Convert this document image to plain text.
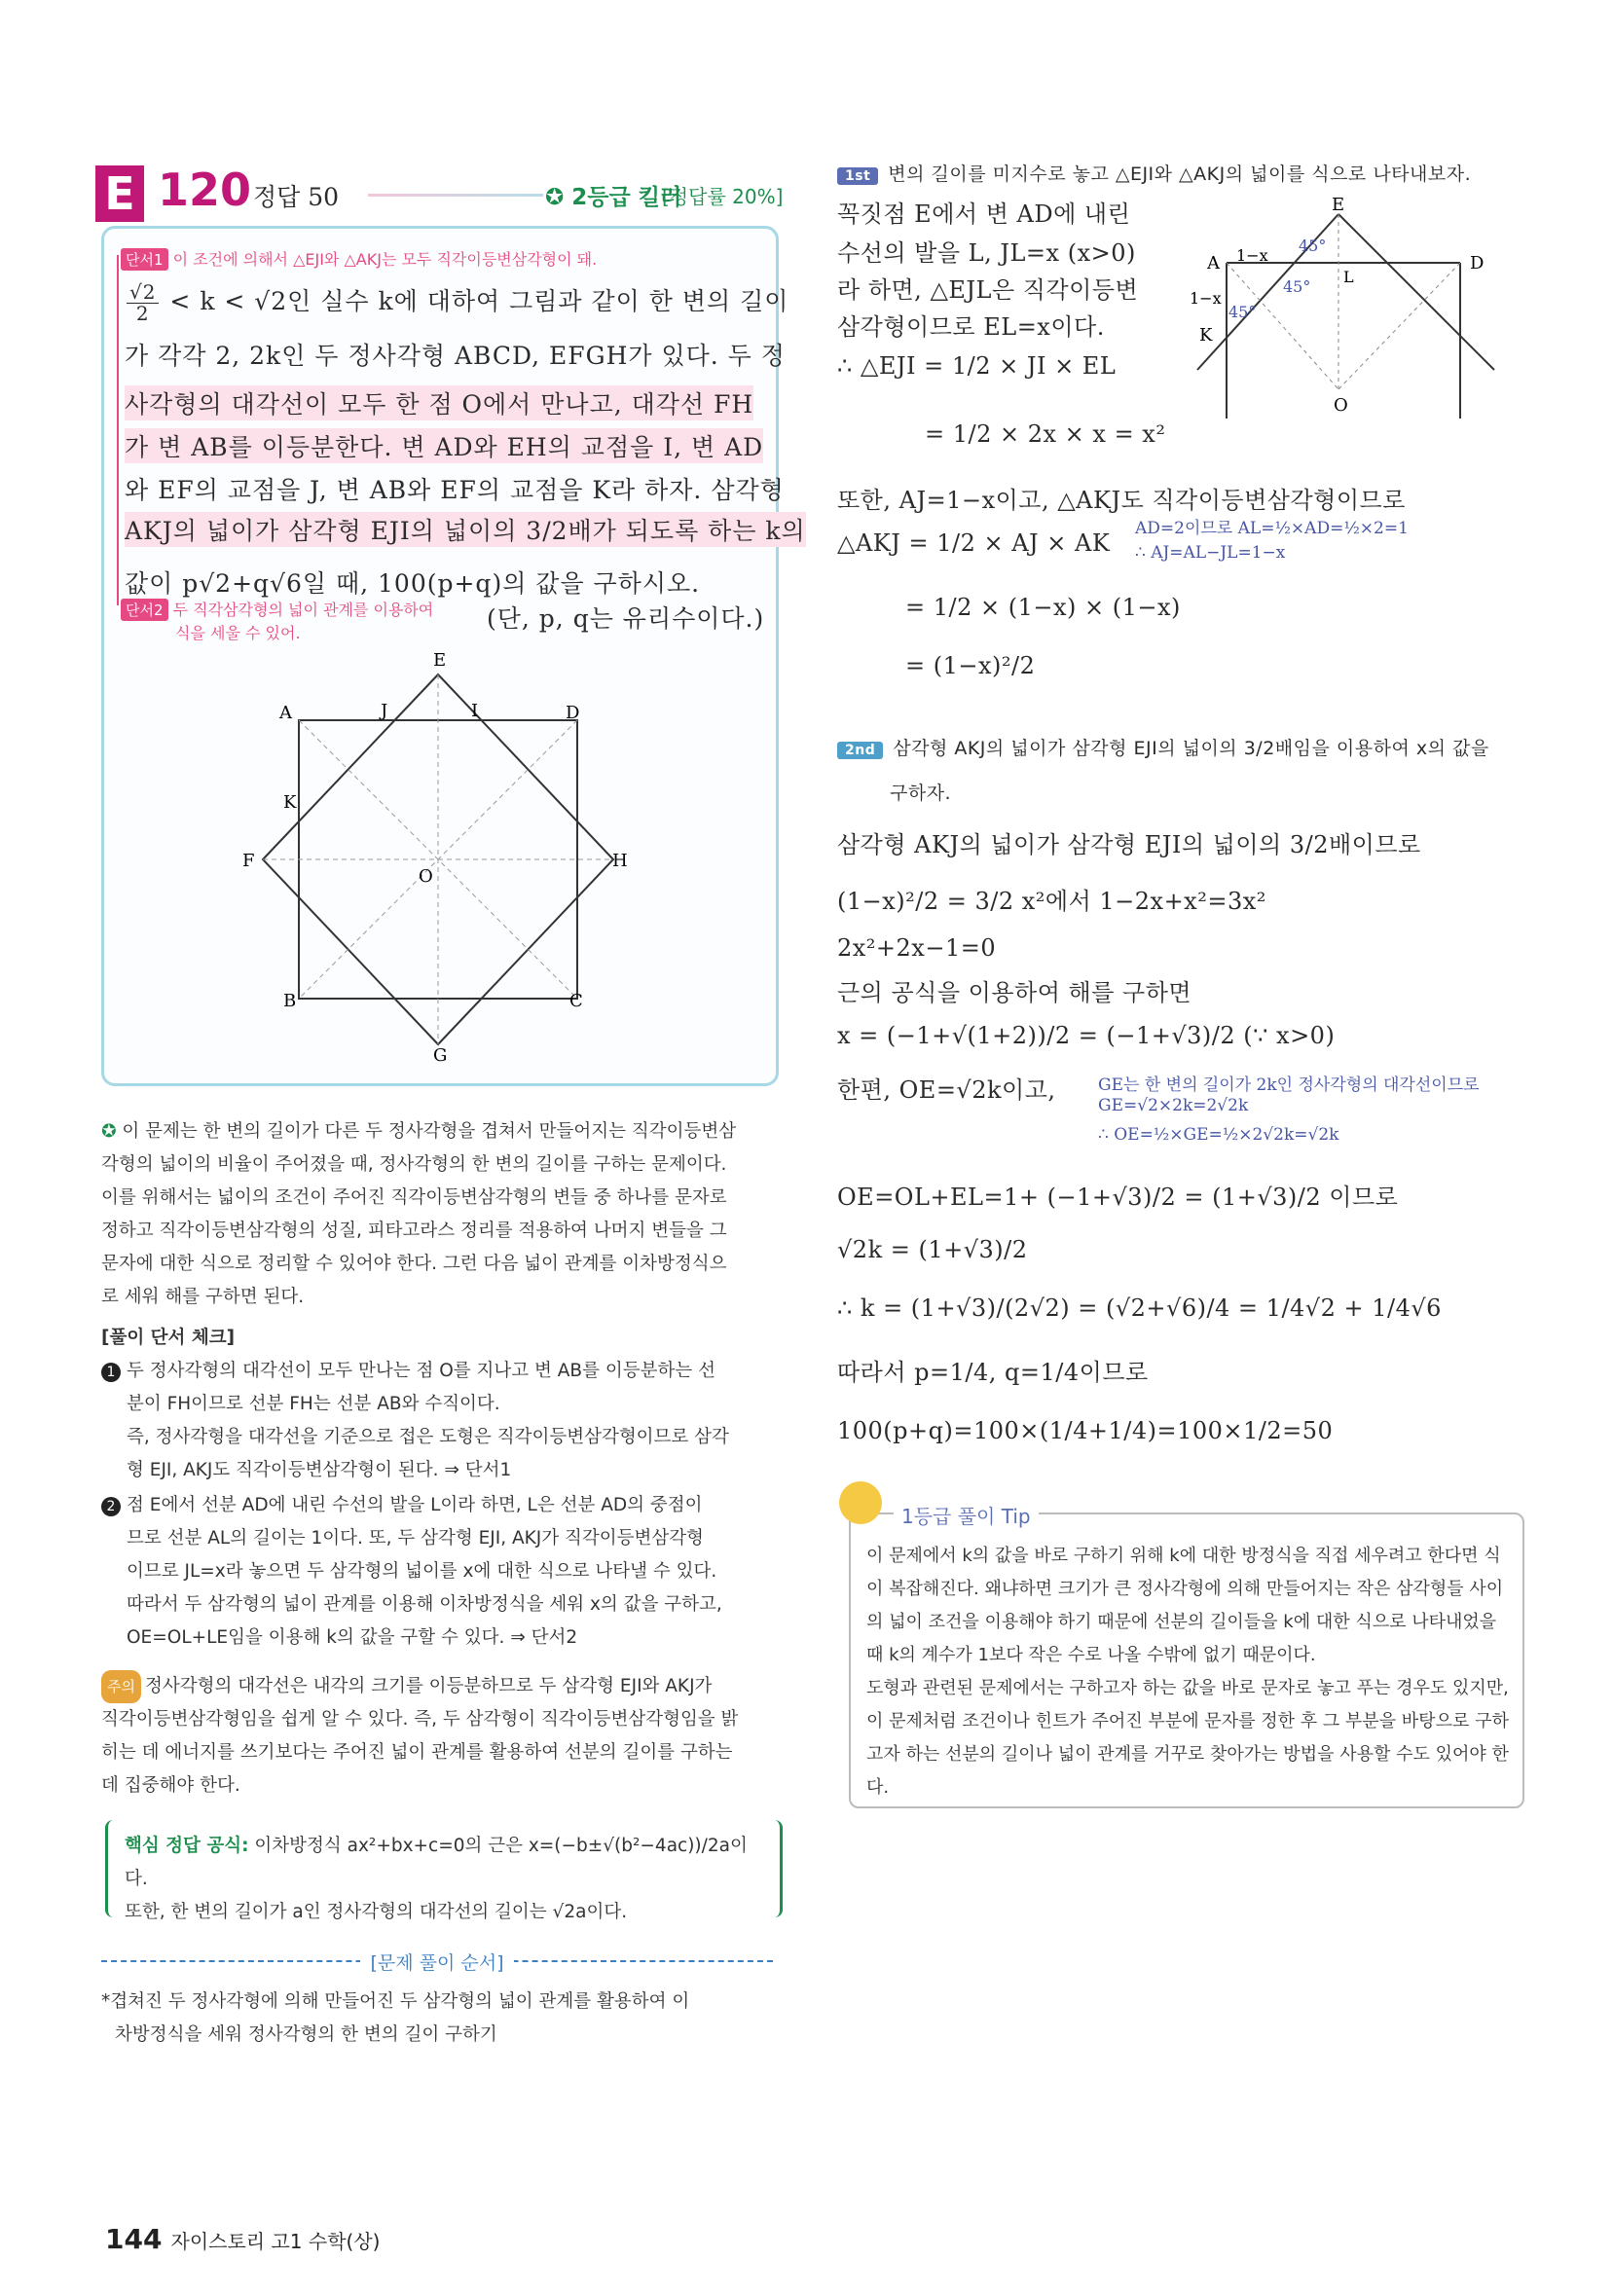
E 120 정답 50	✪ 2등급 킬러
[정답률 20%]
단서1 이 조건에 의해서 △EJI와 △AKJ는 모두 직각이등변삼각형이 돼.
$\frac{√2}{2} < k < √2$인 실수 k에 대하여 그림과 같이 한 변의 길이
가 각각 2, 2k인 두 정사각형 ABCD, EFGH가 있다. 두 정
사각형의 대각선이 모두 한 점 O에서 만나고, 대각선 FH
가 변 AB를 이등분한다. 변 AD와 EH의 교점을 I, 변 AD
와 EF의 교점을 J, 변 AB와 EF의 교점을 K라 하자. 삼각형
AKJ의 넓이가 삼각형 EJI의 넓이의 3/2배가 되도록 하는 k의
값이 p√2+q√6일 때, 100(p+q)의 값을 구하시오.
단서2 두 직각삼각형의 넓이 관계를 이용하여
식을 세울 수 있어.
(단, p, q는 유리수이다.)
E
A	J	I	D
K
F
O
H
B	C
G
✪ 이 문제는 한 변의 길이가 다른 두 정사각형을 겹쳐서 만들어지는 직각이등변삼
각형의 넓이의 비율이 주어졌을 때, 정사각형의 한 변의 길이를 구하는 문제이다.
이를 위해서는 넓이의 조건이 주어진 직각이등변삼각형의 변들 중 하나를 문자로
정하고 직각이등변삼각형의 성질, 피타고라스 정리를 적용하여 나머지 변들을 그
문자에 대한 식으로 정리할 수 있어야 한다. 그런 다음 넓이 관계를 이차방정식으
로 세워 해를 구하면 된다.
[풀이 단서 체크]
1 두 정사각형의 대각선이 모두 만나는 점 O를 지나고 변 AB를 이등분하는 선
분이 FH이므로 선분 FH는 선분 AB와 수직이다.
즉, 정사각형을 대각선을 기준으로 접은 도형은 직각이등변삼각형이므로 삼각
형 EJI, AKJ도 직각이등변삼각형이 된다. ⇒ 단서1
2 점 E에서 선분 AD에 내린 수선의 발을 L이라 하면, L은 선분 AD의 중점이
므로 선분 AL의 길이는 1이다. 또, 두 삼각형 EJI, AKJ가 직각이등변삼각형
이므로 JL=x라 놓으면 두 삼각형의 넓이를 x에 대한 식으로 나타낼 수 있다.
따라서 두 삼각형의 넓이 관계를 이용해 이차방정식을 세워 x의 값을 구하고,
OE=OL+LE임을 이용해 k의 값을 구할 수 있다. ⇒ 단서2
주의 정사각형의 대각선은 내각의 크기를 이등분하므로 두 삼각형 EJI와 AKJ가
직각이등변삼각형임을 쉽게 알 수 있다. 즉, 두 삼각형이 직각이등변삼각형임을 밝
히는 데 에너지를 쓰기보다는 주어진 넓이 관계를 활용하여 선분의 길이를 구하는
데 집중해야 한다.
핵심 정답 공식: 이차방정식 ax²+bx+c=0의 근은 x=(−b±√(b²−4ac))/2a이다.
또한, 한 변의 길이가 a인 정사각형의 대각선의 길이는 √2a이다.
[문제 풀이 순서]
*겹쳐진 두 정사각형에 의해 만들어진 두 삼각형의 넓이 관계를 활용하여 이
차방정식을 세워 정사각형의 한 변의 길이 구하기
1st 변의 길이를 미지수로 놓고 △EJI와 △AKJ의 넓이를 식으로 나타내보자.
꼭짓점 E에서 변 AD에 내린
수선의 발을 L, JL=x (x>0)
라 하면, △EJL은 직각이등변
삼각형이므로 EL=x이다.
E
A	D
K
O
45°
45°
45°
1−x
1−x
L
∴ △EJI = 1/2 × JI × EL
= 1/2 × 2x × x = x²
또한, AJ=1−x이고, △AKJ도 직각이등변삼각형이므로
AD=2이므로 AL=½×AD=½×2=1
∴ AJ=AL−JL=1−x
△AKJ = 1/2 × AJ × AK
= 1/2 × (1−x) × (1−x)
= (1−x)²/2
2nd 삼각형 AKJ의 넓이가 삼각형 EJI의 넓이의 3/2배임을 이용하여 x의 값을
구하자.
삼각형 AKJ의 넓이가 삼각형 EJI의 넓이의 3/2배이므로
(1−x)²/2 = 3/2 x²에서 1−2x+x²=3x²
2x²+2x−1=0
근의 공식을 이용하여 해를 구하면
x = (−1+√(1+2))/2 = (−1+√3)/2 (∵ x>0)
한편, OE=√2k이고,	GE는 한 변의 길이가 2k인 정사각형의 대각선이므로
GE=√2×2k=2√2k
∴ OE=½×GE=½×2√2k=√2k
OE=OL+EL=1+ (−1+√3)/2 = (1+√3)/2 이므로
√2k = (1+√3)/2
∴ k = (1+√3)/(2√2) = (√2+√6)/4 = 1/4√2 + 1/4√6
따라서 p=1/4, q=1/4이므로
100(p+q)=100×(1/4+1/4)=100×1/2=50
1등급 풀이 Tip
이 문제에서 k의 값을 바로 구하기 위해 k에 대한 방정식을 직접 세우려고 한다면 식이 복잡해진다. 왜냐하면 크기가 큰 정사각형에 의해 만들어지는 작은 삼각형들 사이의 넓이 조건을 이용해야 하기 때문에 선분의 길이들을 k에 대한 식으로 나타내었을 때 k의 계수가 1보다 작은 수로 나올 수밖에 없기 때문이다.
도형과 관련된 문제에서는 구하고자 하는 값을 바로 문자로 놓고 푸는 경우도 있지만, 이 문제처럼 조건이나 힌트가 주어진 부분에 문자를 정한 후 그 부분을 바탕으로 구하고자 하는 선분의 길이나 넓이 관계를 거꾸로 찾아가는 방법을 사용할 수도 있어야 한다.
144 자이스토리 고1 수학(상)
